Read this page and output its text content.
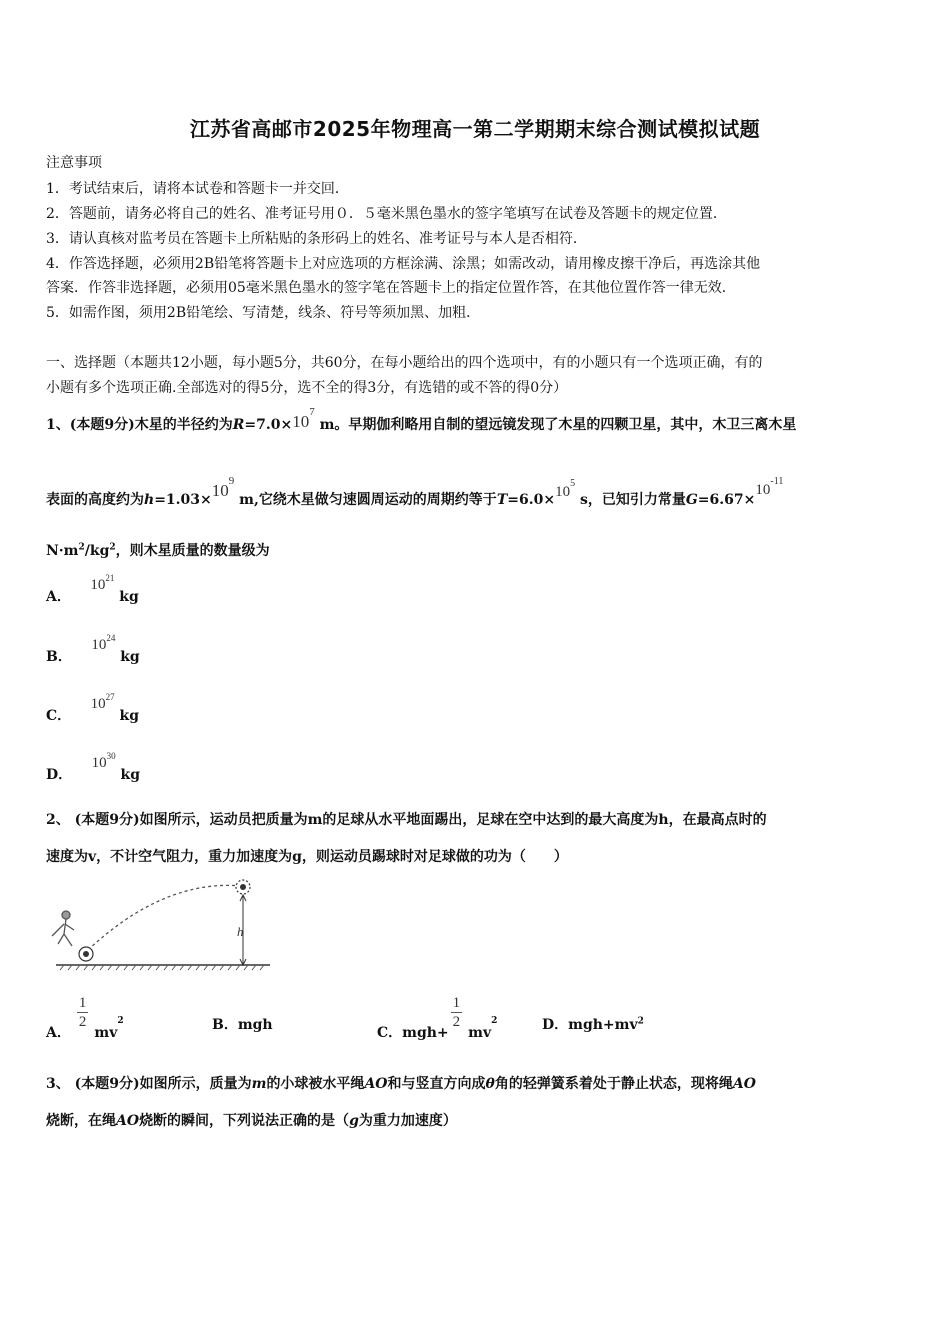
江苏省高邮市2025年物理高一第二学期期末综合测试模拟试题
注意事项
1．考试结束后，请将本试卷和答题卡一并交回．
2．答题前，请务必将自己的姓名、准考证号用０．５毫米黑色墨水的签字笔填写在试卷及答题卡的规定位置．
3．请认真核对监考员在答题卡上所粘贴的条形码上的姓名、准考证号与本人是否相符．
4．作答选择题，必须用2B铅笔将答题卡上对应选项的方框涂满、涂黑；如需改动，请用橡皮擦干净后，再选涂其他
答案．作答非选择题，必须用05毫米黑色墨水的签字笔在答题卡上的指定位置作答，在其他位置作答一律无效．
5．如需作图，须用2B铅笔绘、写清楚，线条、符号等须加黑、加粗．
一、选择题（本题共12小题，每小题5分，共60分，在每小题给出的四个选项中，有的小题只有一个选项正确，有的
小题有多个选项正确.全部选对的得5分，选不全的得3分，有选错的或不答的得0分）
1、(本题9分)木星的半径约为$R=7.0\times 10^7$ m。早期伽利略用自制的望远镜发现了木星的四颗卫星，其中，木卫三离木星
表面的高度约为$h=1.03\times 10^9$ m,它绕木星做匀速圆周运动的周期约等于$T=6.0\times 10^5$ s，已知引力常量$G=6.67\times 10^{-11}$
$N\cdot m^2/kg^2$，则木星质量的数量级为
A．    $10^{21}$ kg
B．    $10^{24}$ kg
C．    $10^{27}$ kg
D．    $10^{30}$ kg
2、 (本题9分)如图所示，运动员把质量为m的足球从水平地面踢出，足球在空中达到的最大高度为h，在最高点时的
速度为v，不计空气阻力，重力加速度为g，则运动员踢球时对足球做的功为（　　）
h
A．
$\frac{1}{2}$
$mv^2$	B．mgh	C．mgh+
$\frac{1}{2}$
$mv^2$	D．$mgh+mv^2$
3、 (本题9分)如图所示，质量为m的小球被水平绳AO和与竖直方向成θ角的轻弹簧系着处于静止状态，现将绳AO
烧断，在绳AO烧断的瞬间，下列说法正确的是（g为重力加速度）
